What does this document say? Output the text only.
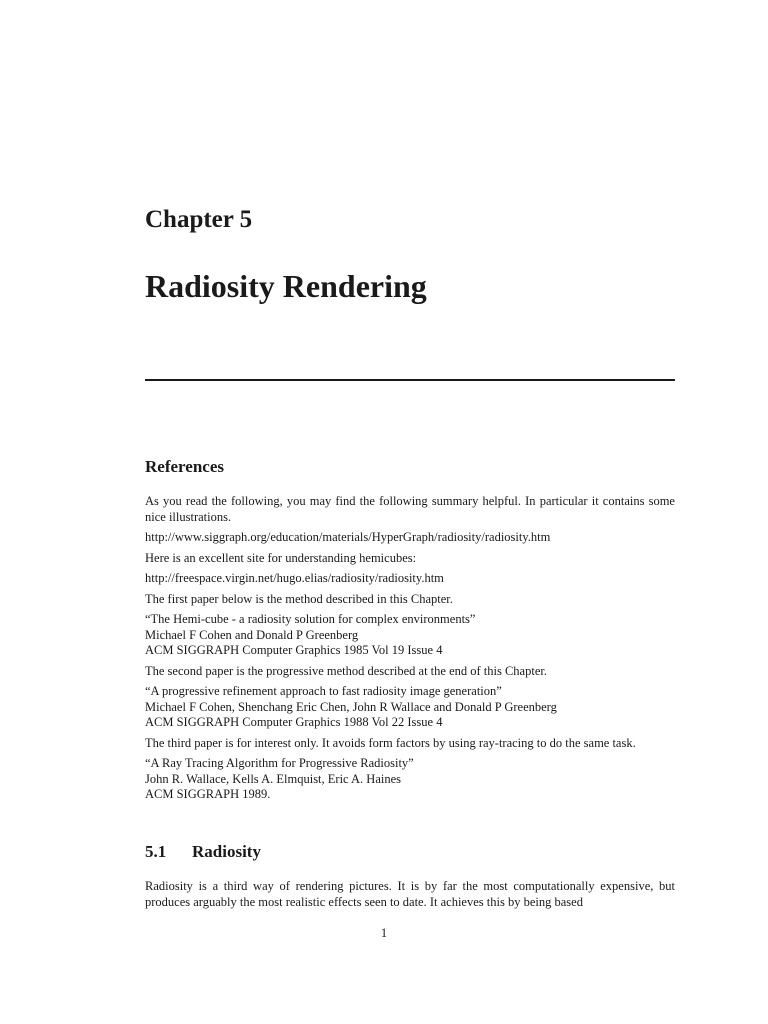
Chapter 5
Radiosity Rendering
References

As you read the following, you may find the following summary helpful. In particular it contains some nice illustrations.

http://www.siggraph.org/education/materials/HyperGraph/radiosity/radiosity.htm

Here is an excellent site for understanding hemicubes:

http://freespace.virgin.net/hugo.elias/radiosity/radiosity.htm

The first paper below is the method described in this Chapter.

“The Hemi-cube - a radiosity solution for complex environments”
Michael F Cohen and Donald P Greenberg
ACM SIGGRAPH Computer Graphics 1985 Vol 19 Issue 4

The second paper is the progressive method described at the end of this Chapter.

“A progressive refinement approach to fast radiosity image generation”
Michael F Cohen, Shenchang Eric Chen, John R Wallace and Donald P Greenberg
ACM SIGGRAPH Computer Graphics 1988 Vol 22 Issue 4

The third paper is for interest only. It avoids form factors by using ray-tracing to do the same task.

“A Ray Tracing Algorithm for Progressive Radiosity”
John R. Wallace, Kells A. Elmquist, Eric A. Haines
ACM SIGGRAPH 1989.
5.1 Radiosity

Radiosity is a third way of rendering pictures. It is by far the most computationally expensive, but produces arguably the most realistic effects seen to date. It achieves this by being based

1
